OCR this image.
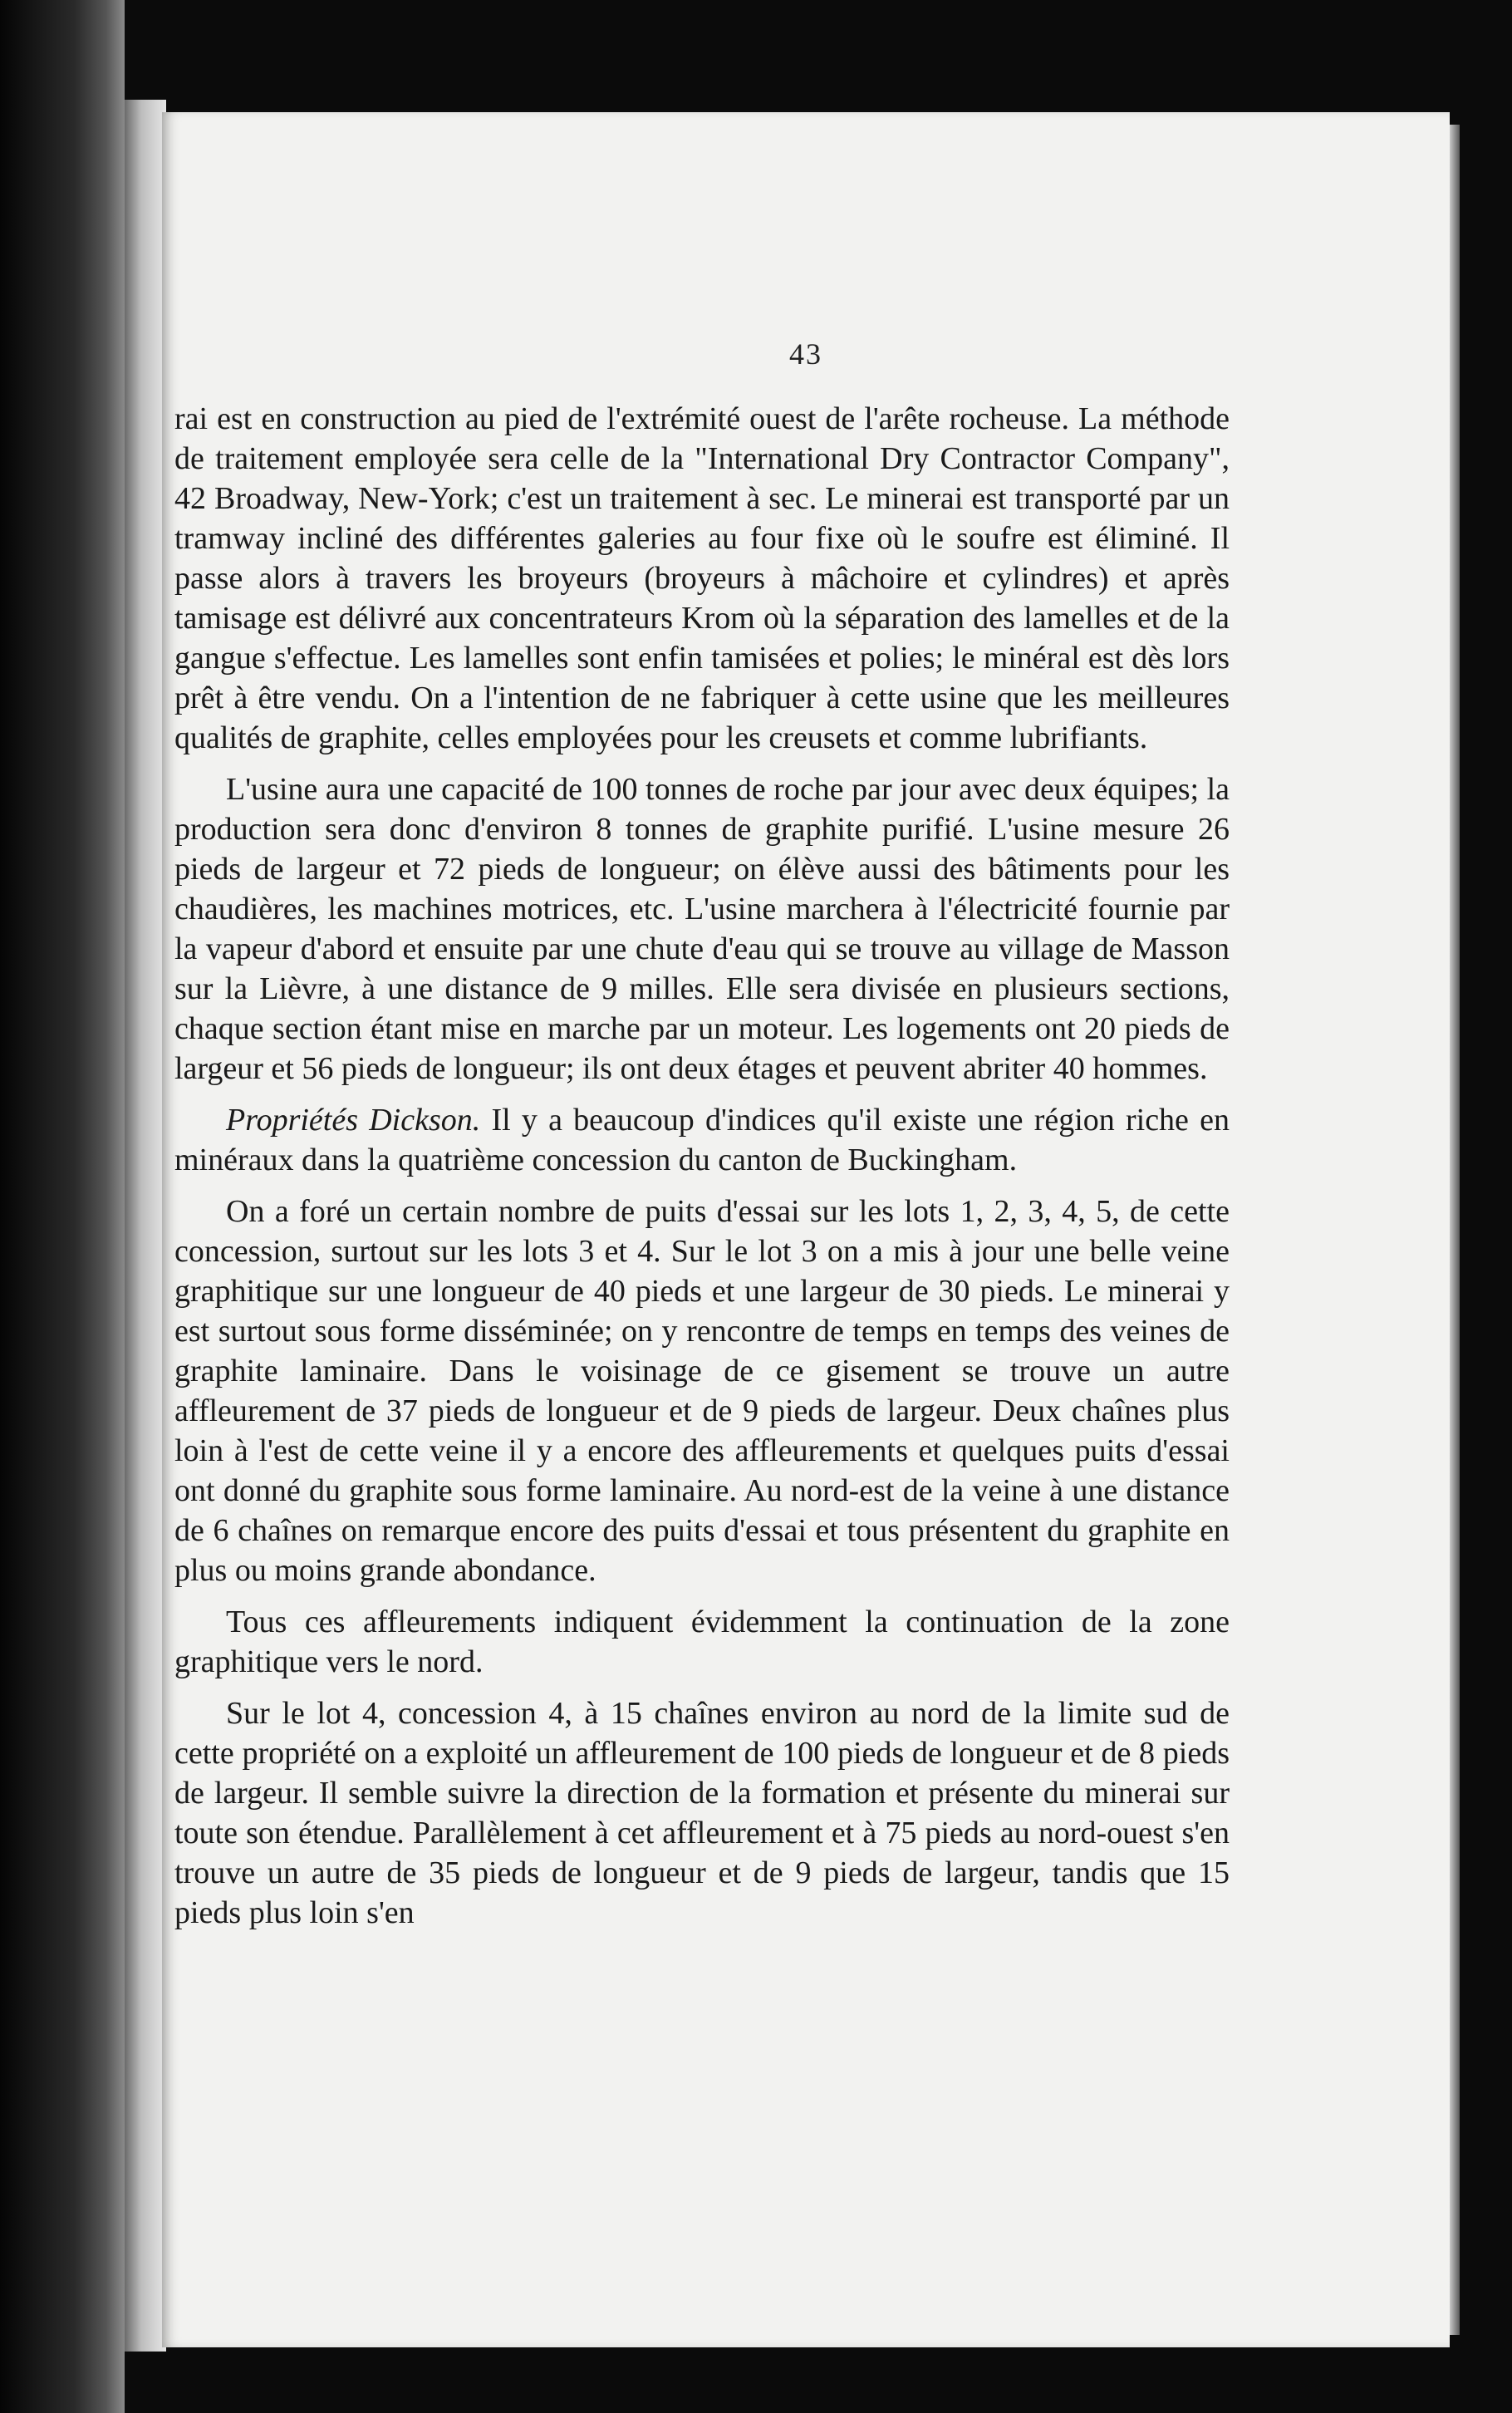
43

rai est en construction au pied de l'extrémité ouest de l'arête rocheuse. La méthode de traitement employée sera celle de la "International Dry Contractor Company", 42 Broadway, New-York; c'est un traitement à sec. Le minerai est transporté par un tramway incliné des différentes galeries au four fixe où le soufre est éliminé. Il passe alors à travers les broyeurs (broyeurs à mâchoire et cylindres) et après tamisage est délivré aux concentrateurs Krom où la séparation des lamelles et de la gangue s'effectue. Les lamelles sont enfin tamisées et polies; le minéral est dès lors prêt à être vendu. On a l'intention de ne fabriquer à cette usine que les meilleures qualités de graphite, celles employées pour les creusets et comme lubrifiants.

L'usine aura une capacité de 100 tonnes de roche par jour avec deux équipes; la production sera donc d'environ 8 tonnes de graphite purifié. L'usine mesure 26 pieds de largeur et 72 pieds de longueur; on élève aussi des bâtiments pour les chaudières, les machines motrices, etc. L'usine marchera à l'électricité fournie par la vapeur d'abord et ensuite par une chute d'eau qui se trouve au village de Masson sur la Lièvre, à une distance de 9 milles. Elle sera divisée en plusieurs sections, chaque section étant mise en marche par un moteur. Les logements ont 20 pieds de largeur et 56 pieds de longueur; ils ont deux étages et peuvent abriter 40 hommes.

Propriétés Dickson. Il y a beaucoup d'indices qu'il existe une région riche en minéraux dans la quatrième concession du canton de Buckingham.

On a foré un certain nombre de puits d'essai sur les lots 1, 2, 3, 4, 5, de cette concession, surtout sur les lots 3 et 4. Sur le lot 3 on a mis à jour une belle veine graphitique sur une longueur de 40 pieds et une largeur de 30 pieds. Le minerai y est surtout sous forme disséminée; on y rencontre de temps en temps des veines de graphite laminaire. Dans le voisinage de ce gisement se trouve un autre affleurement de 37 pieds de longueur et de 9 pieds de largeur. Deux chaînes plus loin à l'est de cette veine il y a encore des affleurements et quelques puits d'essai ont donné du graphite sous forme laminaire. Au nord-est de la veine à une distance de 6 chaînes on remarque encore des puits d'essai et tous présentent du graphite en plus ou moins grande abondance.

Tous ces affleurements indiquent évidemment la continuation de la zone graphitique vers le nord.

Sur le lot 4, concession 4, à 15 chaînes environ au nord de la limite sud de cette propriété on a exploité un affleurement de 100 pieds de longueur et de 8 pieds de largeur. Il semble suivre la direction de la formation et présente du minerai sur toute son étendue. Parallèlement à cet affleurement et à 75 pieds au nord-ouest s'en trouve un autre de 35 pieds de longueur et de 9 pieds de largeur, tandis que 15 pieds plus loin s'en
